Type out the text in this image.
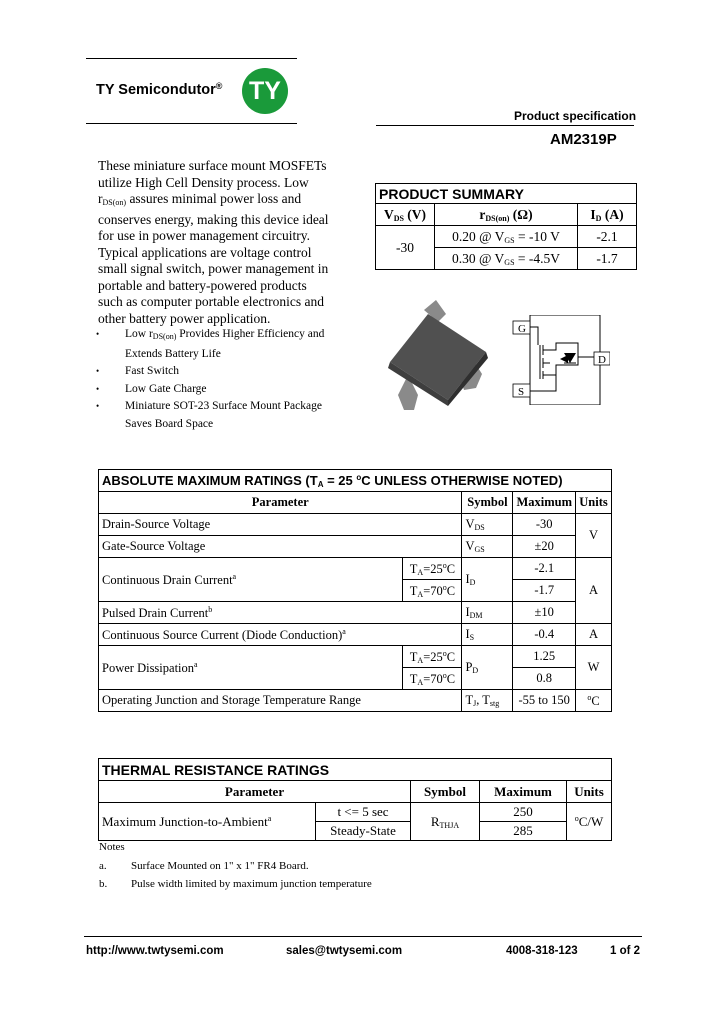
TY Semicondutor® TY
Product specification
AM2319P
These miniature surface mount MOSFETs
utilize High Cell Density process. Low
$r_{DS(on)}$ assures minimal power loss and
conserves energy, making this device ideal
for use in power management circuitry.
Typical applications are voltage control
small signal switch, power management in
portable and battery-powered products
such as computer portable electronics and
other battery power application.
• Low $r_{DS(on)}$ Provides Higher Efficiency and
Extends Battery Life
• Fast Switch
• Low Gate Charge
• Miniature SOT-23 Surface Mount Package
Saves Board Space
PRODUCT SUMMARY		
$V_{DS}$ (V)	$r_{DS(on)}$ (Ω)	$I_D$ (A)
-30	0.20 @ $V_{GS} = -10$ V	-2.1
	0.30 @ $V_{GS} = -4.5V$	-1.7
G
S
D
ABSOLUTE MAXIMUM RATINGS ($T_A = 25$ $^o$C UNLESS OTHERWISE NOTED)				
Parameter		Symbol	Maximum	Units
Drain-Source Voltage		$V_{DS}$	-30	V
Gate-Source Voltage		$V_{GS}$	±20	
Continuous Drain Current$^a$	$T_A=25^oC$	$I_D$	-2.1	A
	$T_A=70^oC$		-1.7	
Pulsed Drain Current$^b$		$I_{DM}$	±10	
Continuous Source Current (Diode Conduction)$^a$		$I_S$	-0.4	A
Power Dissipation$^a$	$T_A=25^oC$	$P_D$	1.25	W
	$T_A=70^oC$		0.8	
Operating Junction and Storage Temperature Range		$T_J$, $T_{stg}$	-55 to 150	$^o$C
THERMAL RESISTANCE RATINGS				
Parameter		Symbol	Maximum	Units
Maximum Junction-to-Ambient$^a$	t <= 5 sec	$R_{THJA}$	250	$^o$C/W
	Steady-State		285	
Notes
a. Surface Mounted on 1" x 1" FR4 Board.
b. Pulse width limited by maximum junction temperature
http://www.twtysemi.com	sales@twtysemi.com	4008-318-123	1 of 2
